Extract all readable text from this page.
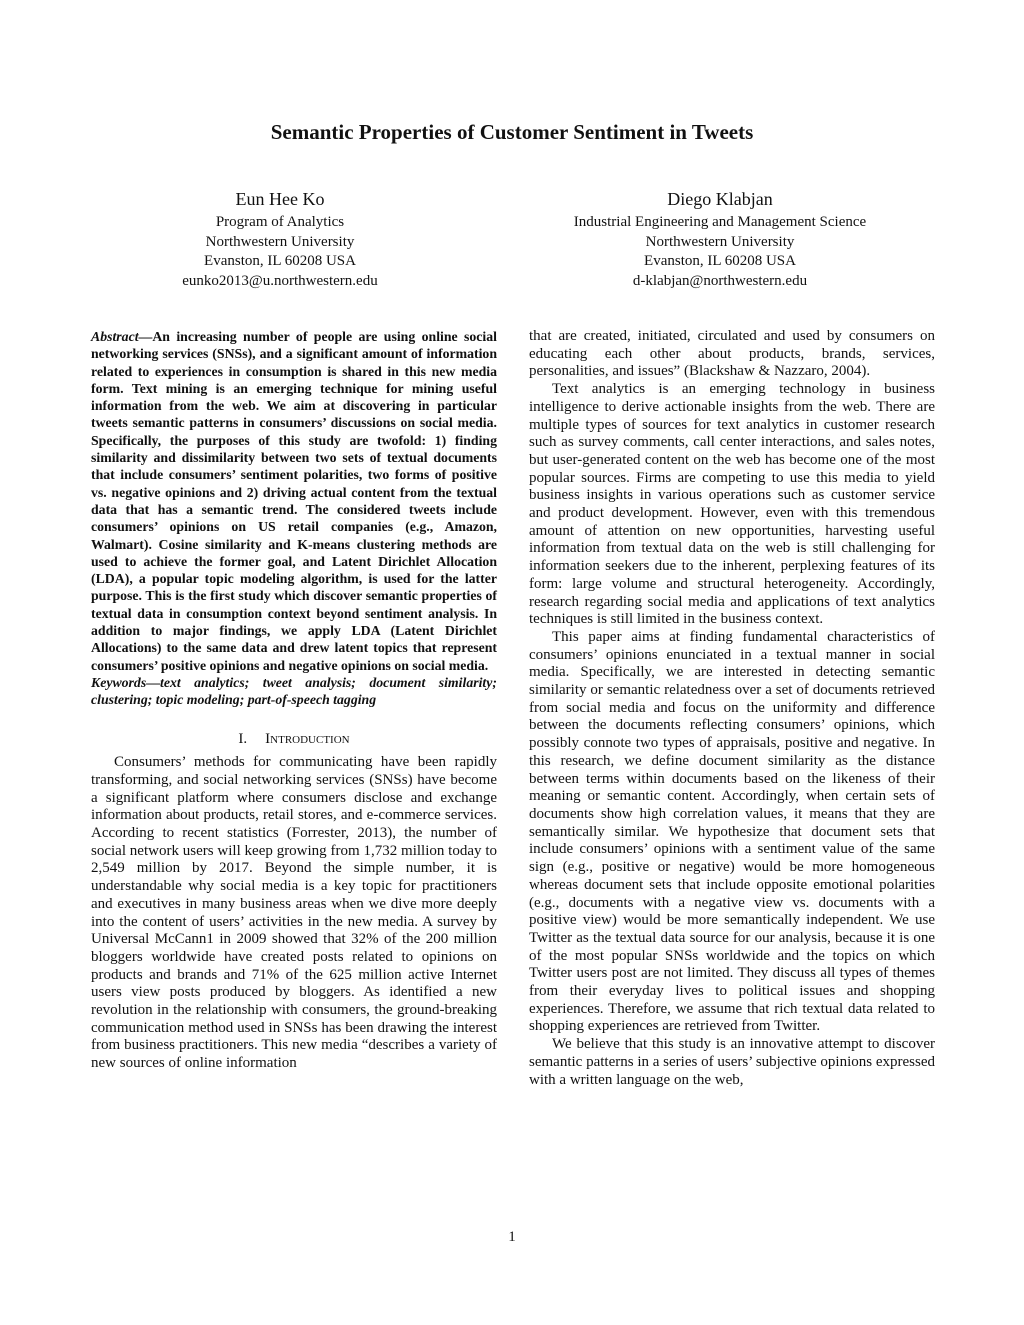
Semantic Properties of Customer Sentiment in Tweets
Eun Hee Ko
Program of Analytics
Northwestern University
Evanston, IL 60208 USA
eunko2013@u.northwestern.edu
Diego Klabjan
Industrial Engineering and Management Science
Northwestern University
Evanston, IL 60208 USA
d-klabjan@northwestern.edu

Abstract—An increasing number of people are using online social networking services (SNSs), and a significant amount of information related to experiences in consumption is shared in this new media form. Text mining is an emerging technique for mining useful information from the web. We aim at discovering in particular tweets semantic patterns in consumers’ discussions on social media. Specifically, the purposes of this study are twofold: 1) finding similarity and dissimilarity between two sets of textual documents that include consumers’ sentiment polarities, two forms of positive vs. negative opinions and 2) driving actual content from the textual data that has a semantic trend. The considered tweets include consumers’ opinions on US retail companies (e.g., Amazon, Walmart). Cosine similarity and K-means clustering methods are used to achieve the former goal, and Latent Dirichlet Allocation (LDA), a popular topic modeling algorithm, is used for the latter purpose. This is the first study which discover semantic properties of textual data in consumption context beyond sentiment analysis. In addition to major findings, we apply LDA (Latent Dirichlet Allocations) to the same data and drew latent topics that represent consumers’ positive opinions and negative opinions on social media.

Keywords—text analytics; tweet analysis; document similarity; clustering; topic modeling; part-of-speech tagging

I. Introduction

Consumers’ methods for communicating have been rapidly transforming, and social networking services (SNSs) have become a significant platform where consumers disclose and exchange information about products, retail stores, and e-commerce services. According to recent statistics (Forrester, 2013), the number of social network users will keep growing from 1,732 million today to 2,549 million by 2017. Beyond the simple number, it is understandable why social media is a key topic for practitioners and executives in many business areas when we dive more deeply into the content of users’ activities in the new media. A survey by Universal McCann1 in 2009 showed that 32% of the 200 million bloggers worldwide have created posts related to opinions on products and brands and 71% of the 625 million active Internet users view posts produced by bloggers. As identified a new revolution in the relationship with consumers, the ground-breaking communication method used in SNSs has been drawing the interest from business practitioners. This new media “describes a variety of new sources of online information

that are created, initiated, circulated and used by consumers on educating each other about products, brands, services, personalities, and issues” (Blackshaw & Nazzaro, 2004).

Text analytics is an emerging technology in business intelligence to derive actionable insights from the web. There are multiple types of sources for text analytics in customer research such as survey comments, call center interactions, and sales notes, but user-generated content on the web has become one of the most popular sources. Firms are competing to use this media to yield business insights in various operations such as customer service and product development. However, even with this tremendous amount of attention on new opportunities, harvesting useful information from textual data on the web is still challenging for information seekers due to the inherent, perplexing features of its form: large volume and structural heterogeneity. Accordingly, research regarding social media and applications of text analytics techniques is still limited in the business context.

This paper aims at finding fundamental characteristics of consumers’ opinions enunciated in a textual manner in social media. Specifically, we are interested in detecting semantic similarity or semantic relatedness over a set of documents retrieved from social media and focus on the uniformity and difference between the documents reflecting consumers’ opinions, which possibly connote two types of appraisals, positive and negative. In this research, we define document similarity as the distance between terms within documents based on the likeness of their meaning or semantic content. Accordingly, when certain sets of documents show high correlation values, it means that they are semantically similar. We hypothesize that document sets that include consumers’ opinions with a sentiment value of the same sign (e.g., positive or negative) would be more homogeneous whereas document sets that include opposite emotional polarities (e.g., documents with a negative view vs. documents with a positive view) would be more semantically independent. We use Twitter as the textual data source for our analysis, because it is one of the most popular SNSs worldwide and the topics on which Twitter users post are not limited. They discuss all types of themes from their everyday lives to political issues and shopping experiences. Therefore, we assume that rich textual data related to shopping experiences are retrieved from Twitter.

We believe that this study is an innovative attempt to discover semantic patterns in a series of users’ subjective opinions expressed with a written language on the web,

1
